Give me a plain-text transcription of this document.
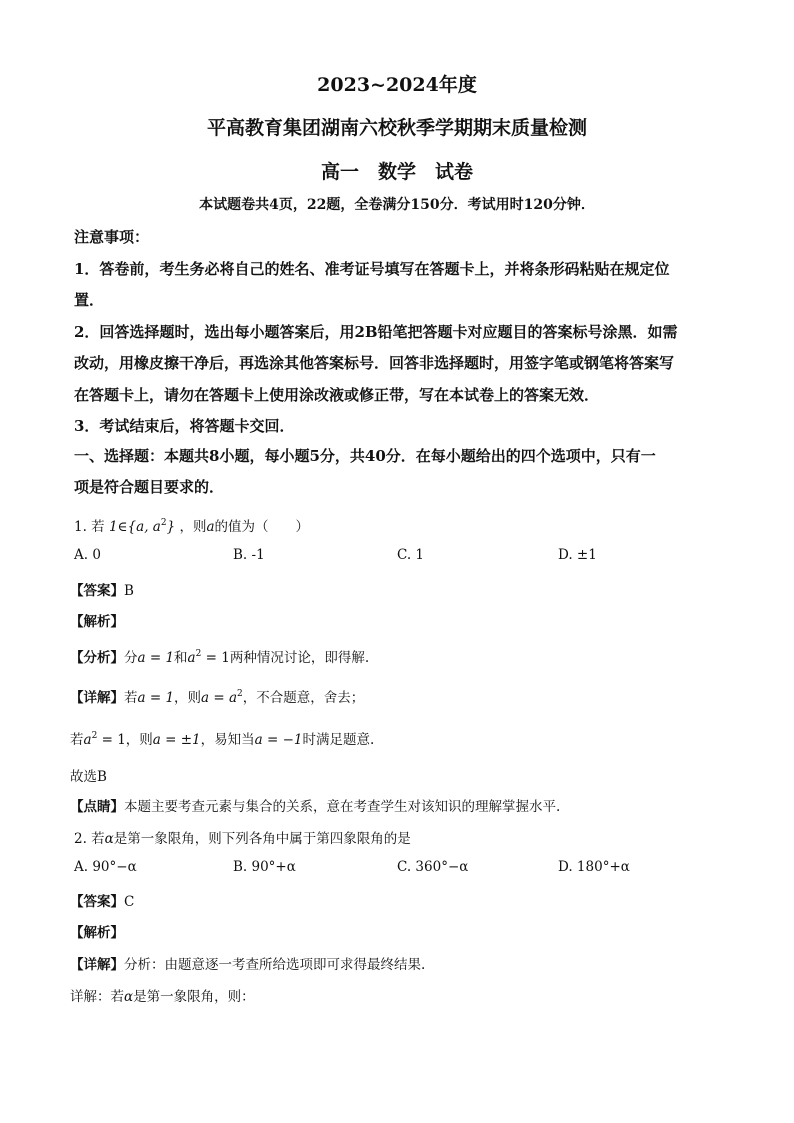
2023~2024年度
平高教育集团湖南六校秋季学期期末质量检测
高一　数学　试卷
本试题卷共4页，22题，全卷满分150分．考试用时120分钟．
注意事项：
1．答卷前，考生务必将自己的姓名、准考证号填写在答题卡上，并将条形码粘贴在规定位
置．
2．回答选择题时，选出每小题答案后，用2B铅笔把答题卡对应题目的答案标号涂黑．如需
改动，用橡皮擦干净后，再选涂其他答案标号．回答非选择题时，用签字笔或钢笔将答案写
在答题卡上，请勿在答题卡上使用涂改液或修正带，写在本试卷上的答案无效．
3．考试结束后，将答题卡交回．
一、选择题：本题共8小题，每小题5分，共40分．在每小题给出的四个选项中，只有一
项是符合题目要求的．
1. 若 1∈{a, $a^2$} ，则a的值为（　　）
A. 0	B. -1	C. 1	D. ±1
【答案】B
【解析】
【分析】分a = 1和$a^2 = 1$两种情况讨论，即得解.
【详解】若a = 1，则$a = a^2$，不合题意，舍去；
若$a^2 = 1$，则a = ±1，易知当a = −1时满足题意.
故选B
【点睛】本题主要考查元素与集合的关系，意在考查学生对该知识的理解掌握水平.
2. 若α是第一象限角，则下列各角中属于第四象限角的是
A. 90°−α	B. 90°+α	C. 360°−α	D. 180°+α
【答案】C
【解析】
【详解】分析：由题意逐一考查所给选项即可求得最终结果.
详解：若α是第一象限角，则：
